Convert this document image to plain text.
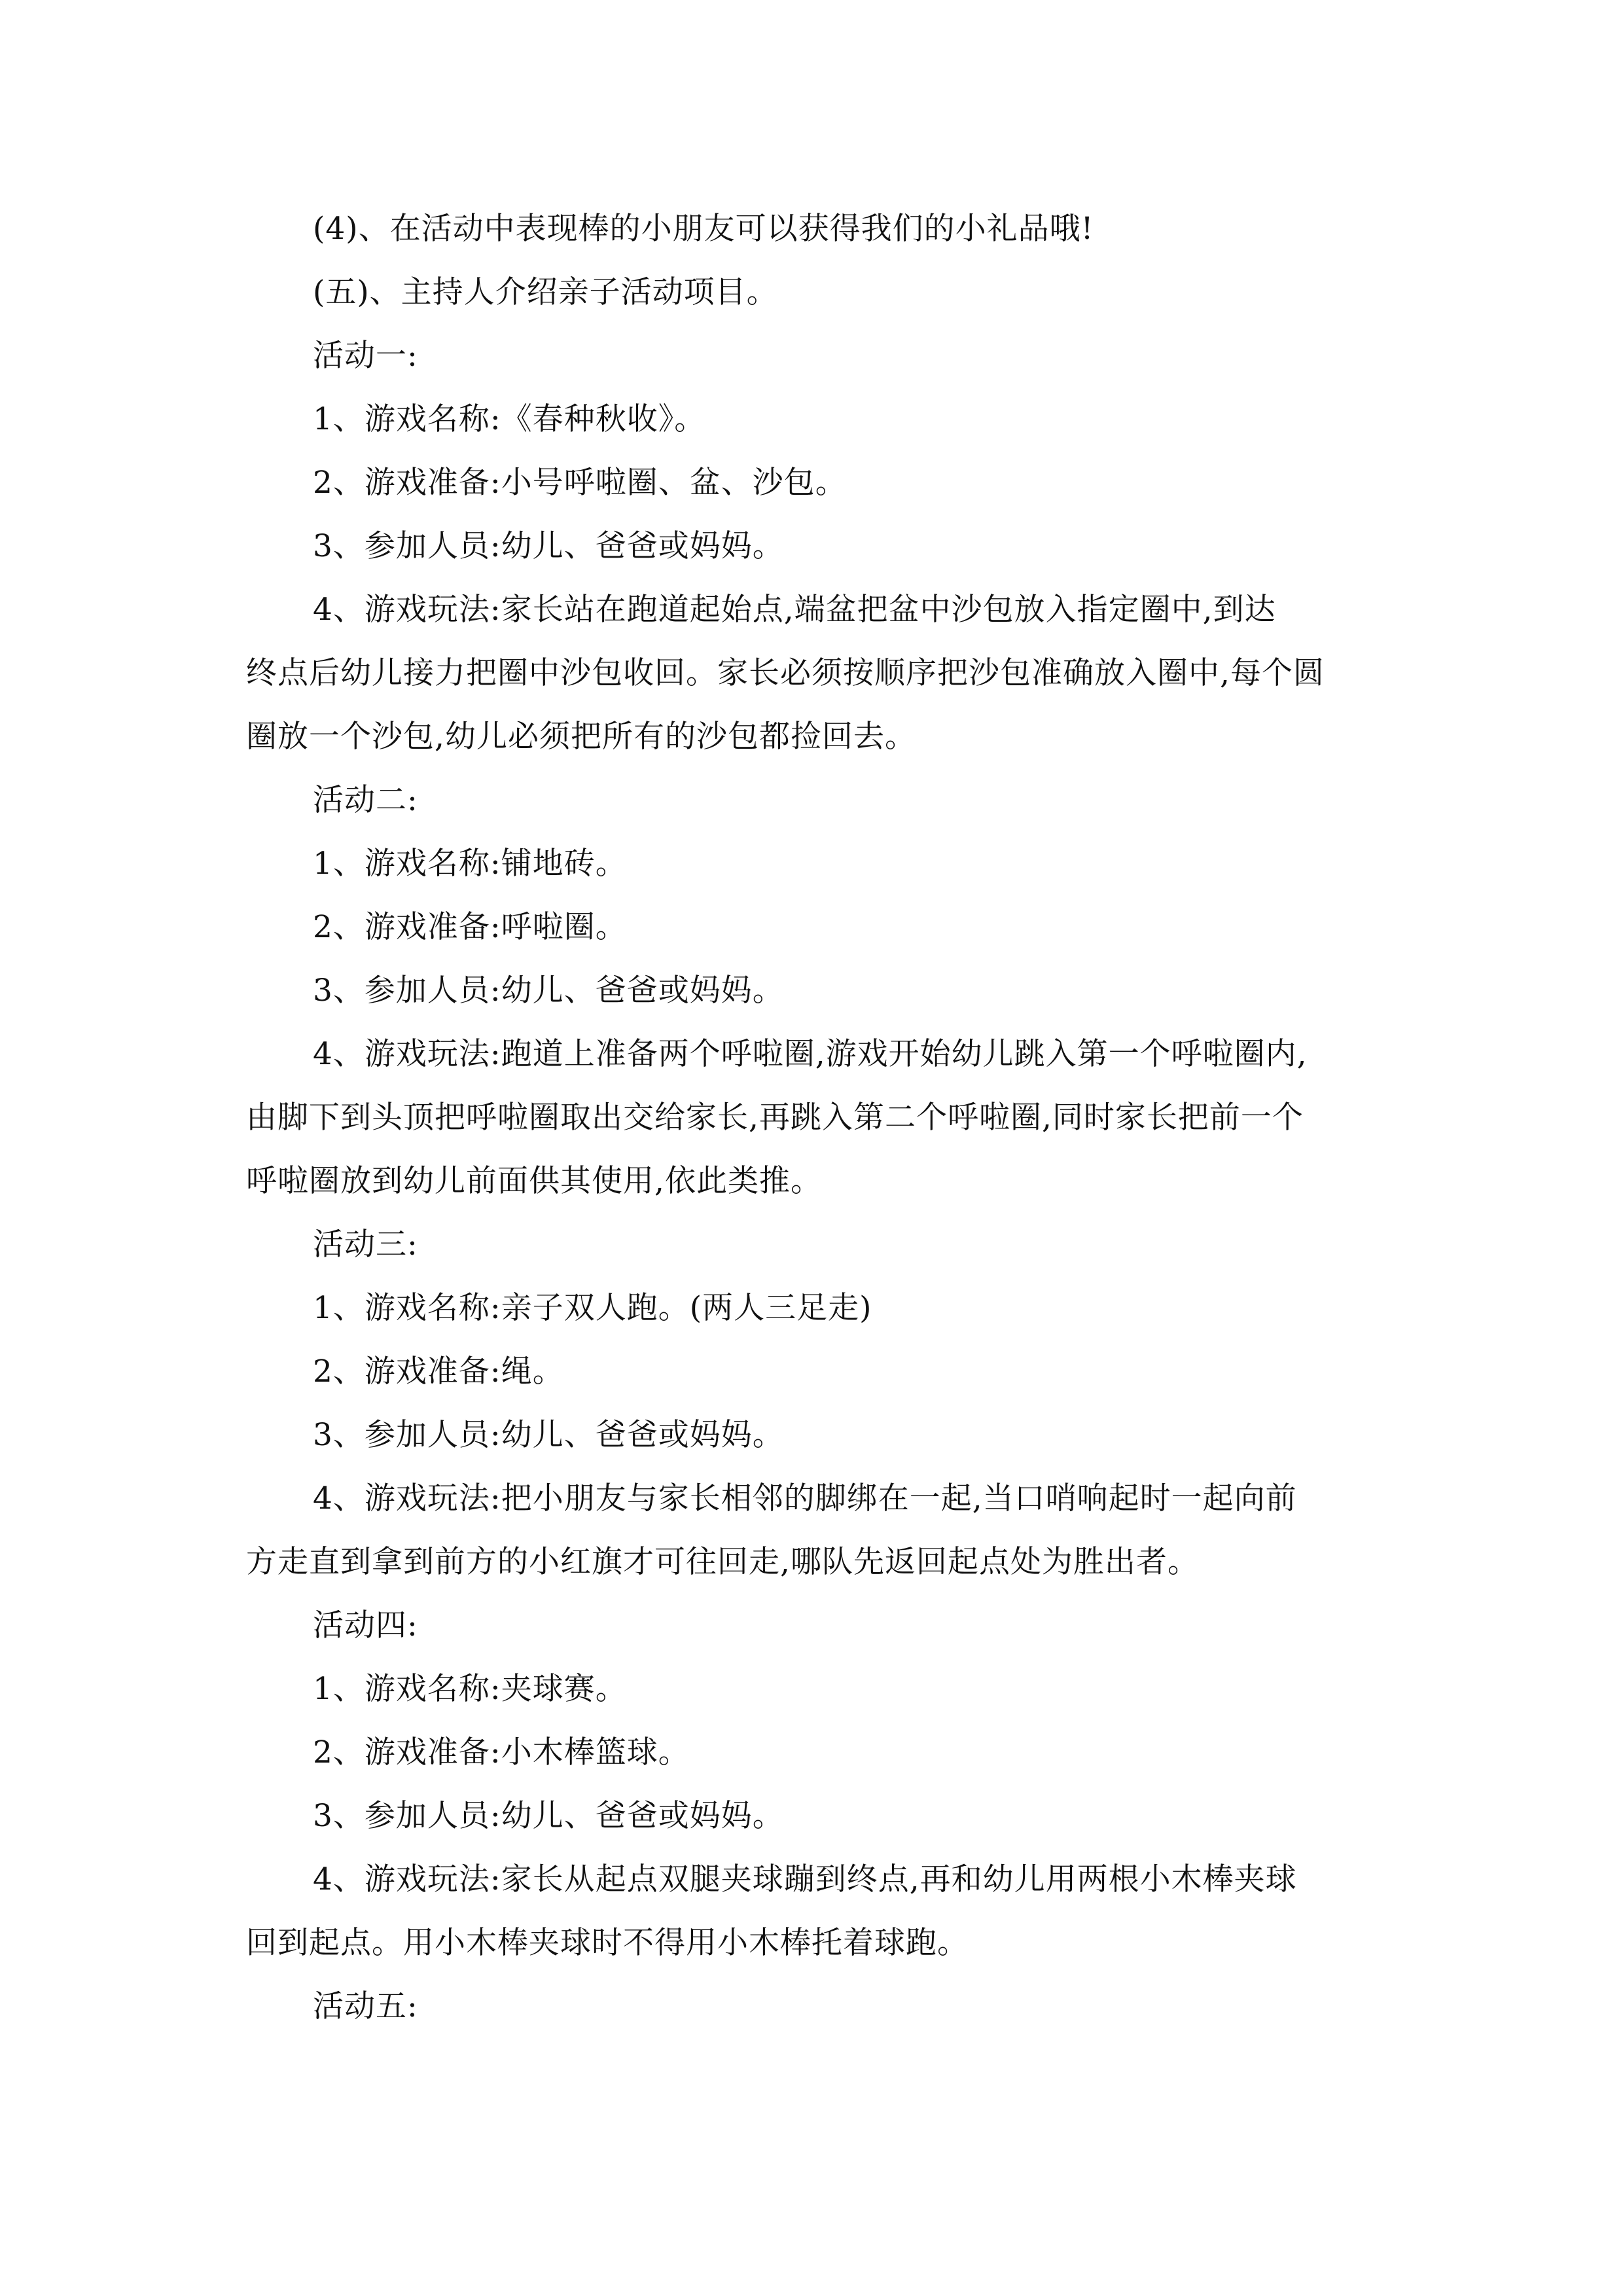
(4)、在活动中表现棒的小朋友可以获得我们的小礼品哦!
(五)、主持人介绍亲子活动项目。
活动一:
1、游戏名称:《春种秋收》。
2、游戏准备:小号呼啦圈、盆、沙包。
3、参加人员:幼儿、爸爸或妈妈。
4、游戏玩法:家长站在跑道起始点,端盆把盆中沙包放入指定圈中,到达
终点后幼儿接力把圈中沙包收回。家长必须按顺序把沙包准确放入圈中,每个圆
圈放一个沙包,幼儿必须把所有的沙包都捡回去。
活动二:
1、游戏名称:铺地砖。
2、游戏准备:呼啦圈。
3、参加人员:幼儿、爸爸或妈妈。
4、游戏玩法:跑道上准备两个呼啦圈,游戏开始幼儿跳入第一个呼啦圈内,
由脚下到头顶把呼啦圈取出交给家长,再跳入第二个呼啦圈,同时家长把前一个
呼啦圈放到幼儿前面供其使用,依此类推。
活动三:
1、游戏名称:亲子双人跑。(两人三足走)
2、游戏准备:绳。
3、参加人员:幼儿、爸爸或妈妈。
4、游戏玩法:把小朋友与家长相邻的脚绑在一起,当口哨响起时一起向前
方走直到拿到前方的小红旗才可往回走,哪队先返回起点处为胜出者。
活动四:
1、游戏名称:夹球赛。
2、游戏准备:小木棒篮球。
3、参加人员:幼儿、爸爸或妈妈。
4、游戏玩法:家长从起点双腿夹球蹦到终点,再和幼儿用两根小木棒夹球
回到起点。用小木棒夹球时不得用小木棒托着球跑。
活动五:
